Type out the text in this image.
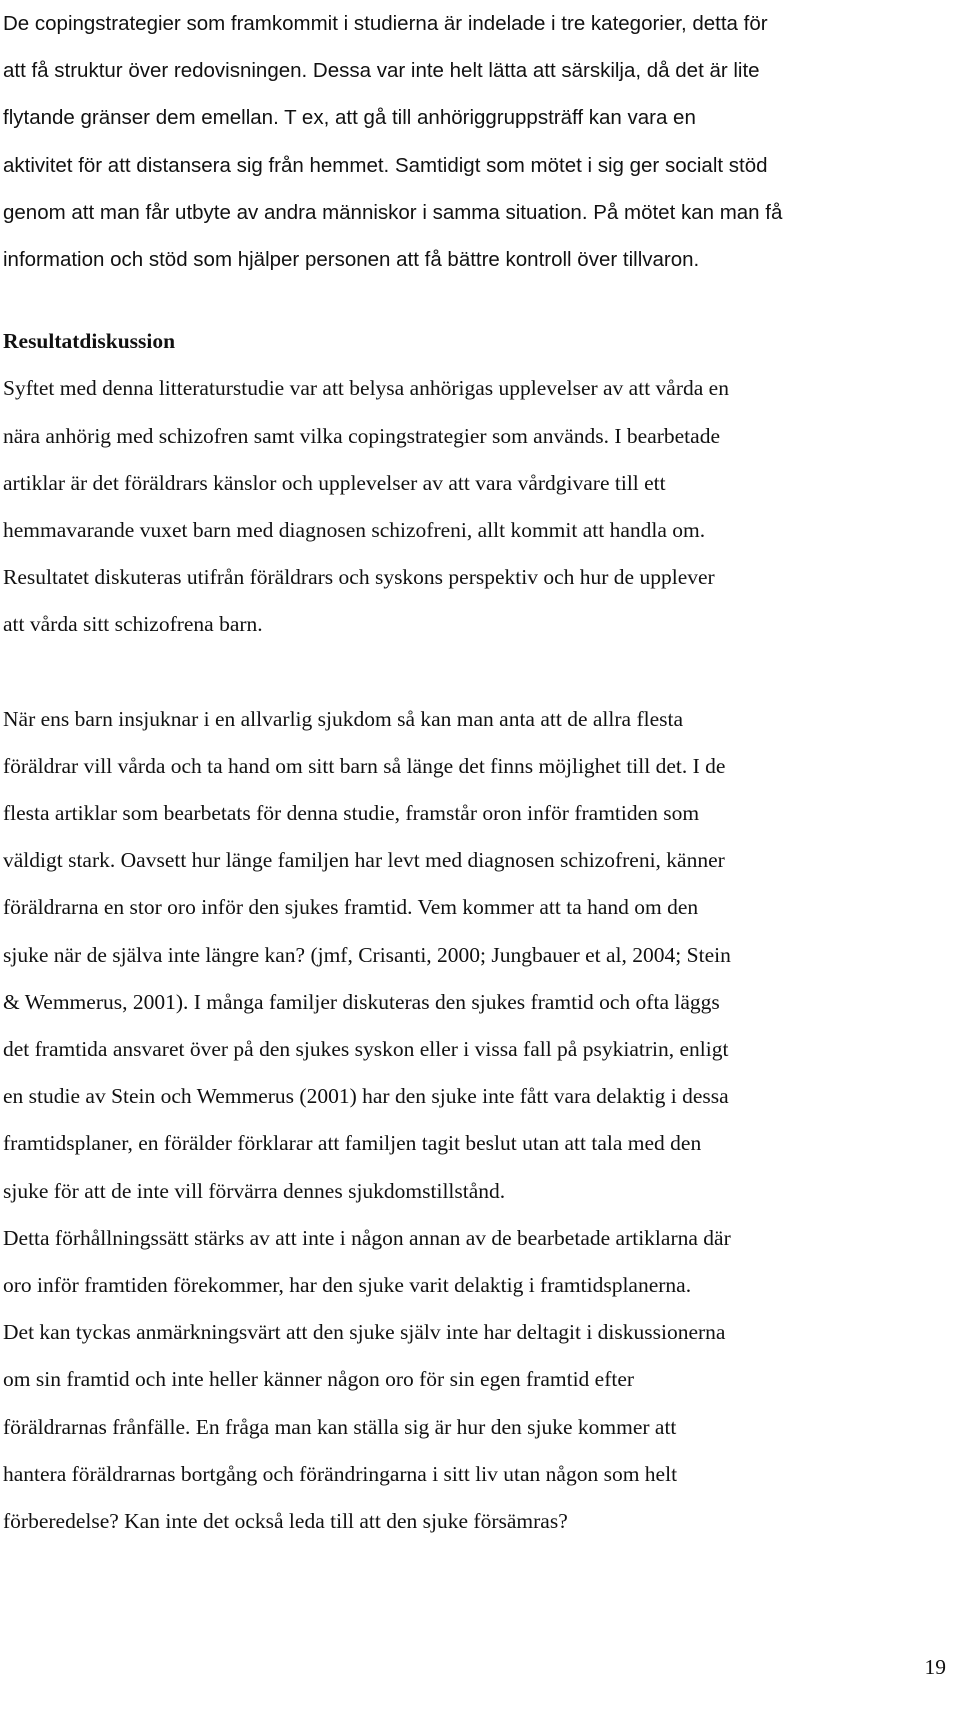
De copingstrategier som framkommit i studierna är indelade i tre kategorier, detta för
att få struktur över redovisningen. Dessa var inte helt lätta att särskilja, då det är lite
flytande gränser dem emellan. T ex, att gå till anhöriggruppsträff kan vara en
aktivitet för att distansera sig från hemmet. Samtidigt som mötet i sig ger socialt stöd
genom att man får utbyte av andra människor i samma situation. På mötet kan man få
information och stöd som hjälper personen att få bättre kontroll över tillvaron.

Resultatdiskussion

Syftet med denna litteraturstudie var att belysa anhörigas upplevelser av att vårda en
nära anhörig med schizofren samt vilka copingstrategier som används. I bearbetade
artiklar är det föräldrars känslor och upplevelser av att vara vårdgivare till ett
hemmavarande vuxet barn med diagnosen schizofreni, allt kommit att handla om.
Resultatet diskuteras utifrån föräldrars och syskons perspektiv och hur de upplever
att vårda sitt schizofrena barn.

När ens barn insjuknar i en allvarlig sjukdom så kan man anta att de allra flesta
föräldrar vill vårda och ta hand om sitt barn så länge det finns möjlighet till det. I de
flesta artiklar som bearbetats för denna studie, framstår oron inför framtiden som
väldigt stark. Oavsett hur länge familjen har levt med diagnosen schizofreni, känner
föräldrarna en stor oro inför den sjukes framtid. Vem kommer att ta hand om den
sjuke när de själva inte längre kan? (jmf, Crisanti, 2000; Jungbauer et al, 2004; Stein
& Wemmerus, 2001). I många familjer diskuteras den sjukes framtid och ofta läggs
det framtida ansvaret över på den sjukes syskon eller i vissa fall på psykiatrin, enligt
en studie av Stein och Wemmerus (2001) har den sjuke inte fått vara delaktig i dessa
framtidsplaner, en förälder förklarar att familjen tagit beslut utan att tala med den
sjuke för att de inte vill förvärra dennes sjukdomstillstånd.

Detta förhållningssätt stärks av att inte i någon annan av de bearbetade artiklarna där
oro inför framtiden förekommer, har den sjuke varit delaktig i framtidsplanerna.

Det kan tyckas anmärkningsvärt att den sjuke själv inte har deltagit i diskussionerna
om sin framtid och inte heller känner någon oro för sin egen framtid efter
föräldrarnas frånfälle. En fråga man kan ställa sig är hur den sjuke kommer att
hantera föräldrarnas bortgång och förändringarna i sitt liv utan någon som helt
förberedelse? Kan inte det också leda till att den sjuke försämras?

19
